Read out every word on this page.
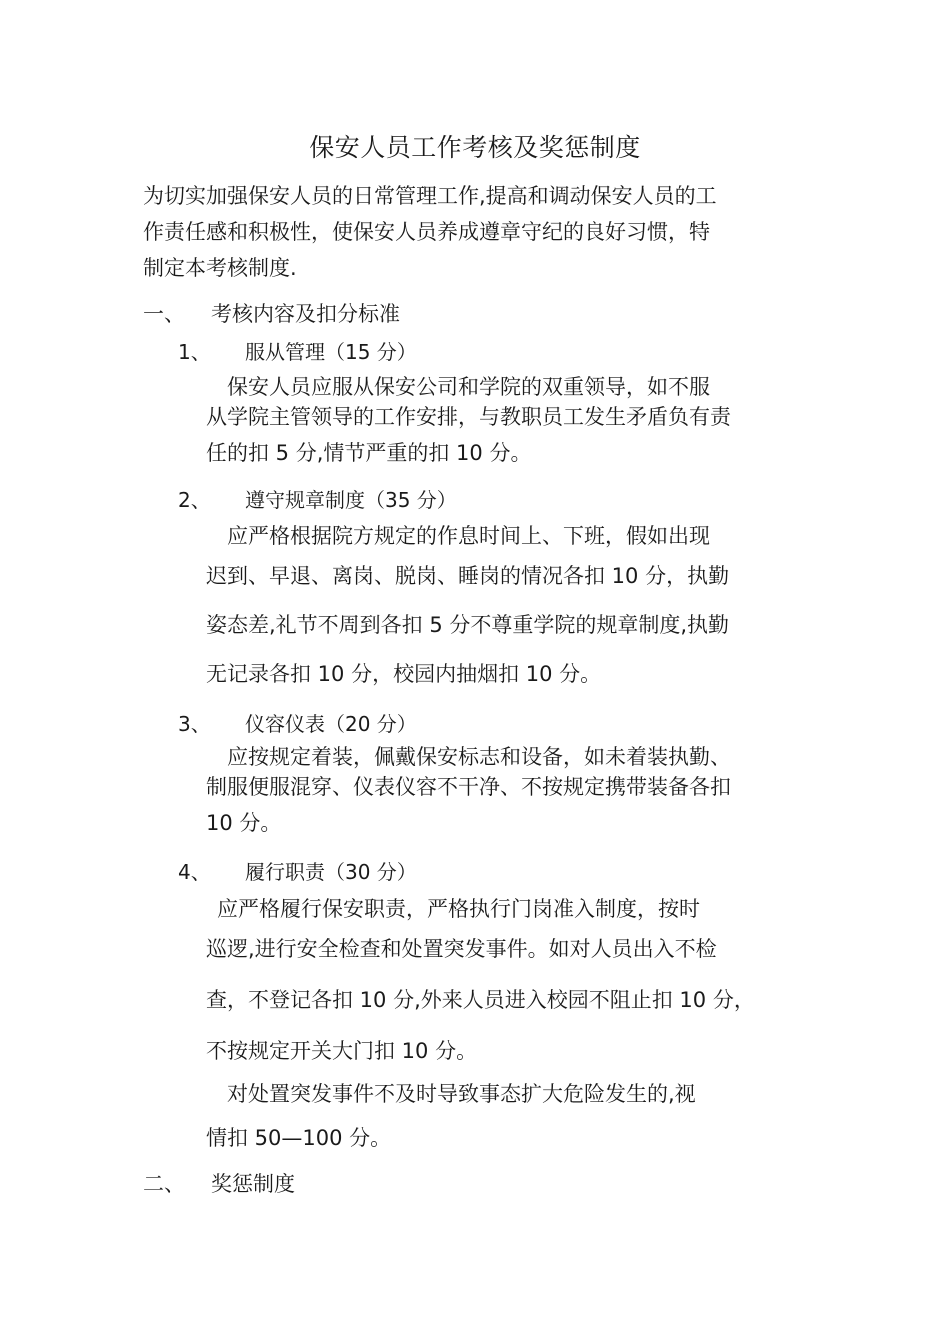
保安人员工作考核及奖惩制度
为切实加强保安人员的日常管理工作,提高和调动保安人员的工
作责任感和积极性，使保安人员养成遵章守纪的良好习惯，特
制定本考核制度.
一、 考核内容及扣分标准
1、 服从管理（15 分）
　保安人员应服从保安公司和学院的双重领导，如不服
从学院主管领导的工作安排，与教职员工发生矛盾负有责
任的扣 5 分,情节严重的扣 10 分。
2、 遵守规章制度（35 分）
　应严格根据院方规定的作息时间上、下班，假如出现
迟到、早退、离岗、脱岗、睡岗的情况各扣 10 分，执勤
姿态差,礼节不周到各扣 5 分不尊重学院的规章制度,执勤
无记录各扣 10 分，校园内抽烟扣 10 分。
3、 仪容仪表（20 分）
　应按规定着装，佩戴保安标志和设备，如未着装执勤、
制服便服混穿、仪表仪容不干净、不按规定携带装备各扣
10 分。
4、 履行职责（30 分）
　应严格履行保安职责，严格执行门岗准入制度，按时
巡逻,进行安全检查和处置突发事件。如对人员出入不检
查，不登记各扣 10 分,外来人员进入校园不阻止扣 10 分，
不按规定开关大门扣 10 分。
　对处置突发事件不及时导致事态扩大危险发生的,视
情扣 50—100 分。
二、 奖惩制度
